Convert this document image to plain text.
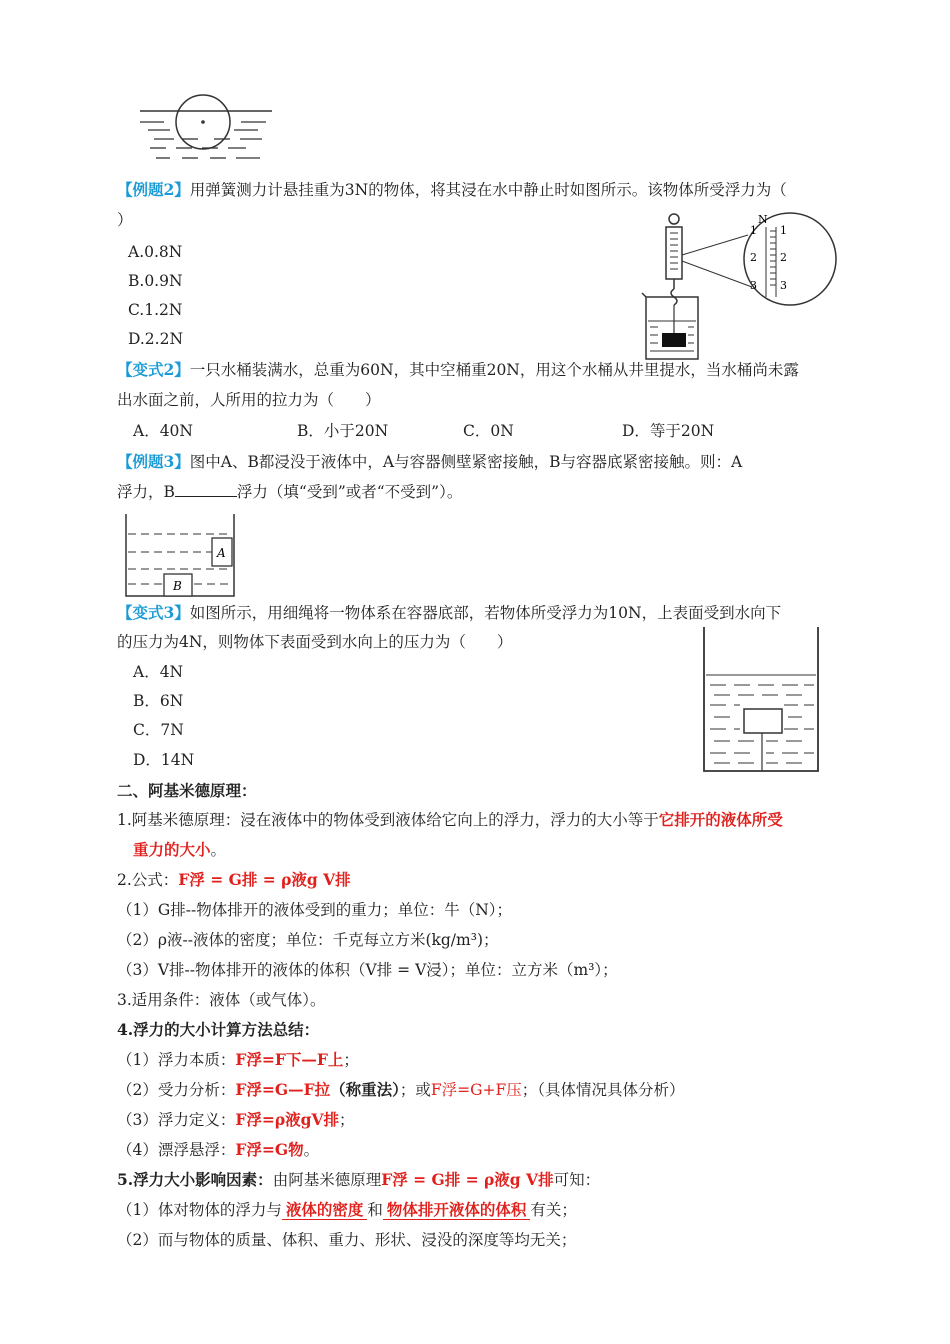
【例题2】用弹簧测力计悬挂重为3N的物体，将其浸在水中静止时如图所示。该物体所受浮力为（
）
A.0.8N
B.0.9N
C.1.2N
D.2.2N
N
1 1
2 2
3 3
【变式2】一只水桶装满水，总重为60N，其中空桶重20N，用这个水桶从井里提水，当水桶尚未露
出水面之前，人所用的拉力为（　　）
A．40N	B．小于20N	C．0N	D．等于20N
【例题3】图中A、B都浸没于液体中，A与容器侧壁紧密接触，B与容器底紧密接触。则：A
浮力，B	浮力（填“受到”或者“不受到”）。
A
B
【变式3】如图所示，用细绳将一物体系在容器底部，若物体所受浮力为10N，上表面受到水向下
的压力为4N，则物体下表面受到水向上的压力为（　　）
A．4N
B．6N
C．7N
D．14N
二、阿基米德原理：
1.阿基米德原理：浸在液体中的物体受到液体给它向上的浮力，浮力的大小等于它排开的液体所受
重力的大小。
2.公式：F浮 = G排 = ρ液g V排
（1）G排--物体排开的液体受到的重力；单位：牛（N）；
（2）ρ液--液体的密度；单位：千克每立方米(kg/m³)；
（3）V排--物体排开的液体的体积（V排 = V浸）；单位：立方米（m³）；
3.适用条件：液体（或气体）。
4.浮力的大小计算方法总结：
（1）浮力本质：F浮=F下—F上；
（2）受力分析：F浮=G—F拉（称重法）；或F浮=G+F压；（具体情况具体分析）
（3）浮力定义：F浮=ρ液gV排；
（4）漂浮悬浮：F浮=G物。
5.浮力大小影响因素：由阿基米德原理F浮 = G排 = ρ液g V排可知：
（1）体对物体的浮力与 液体的密度 和 物体排开液体的体积 有关；
（2）而与物体的质量、体积、重力、形状、浸没的深度等均无关；
